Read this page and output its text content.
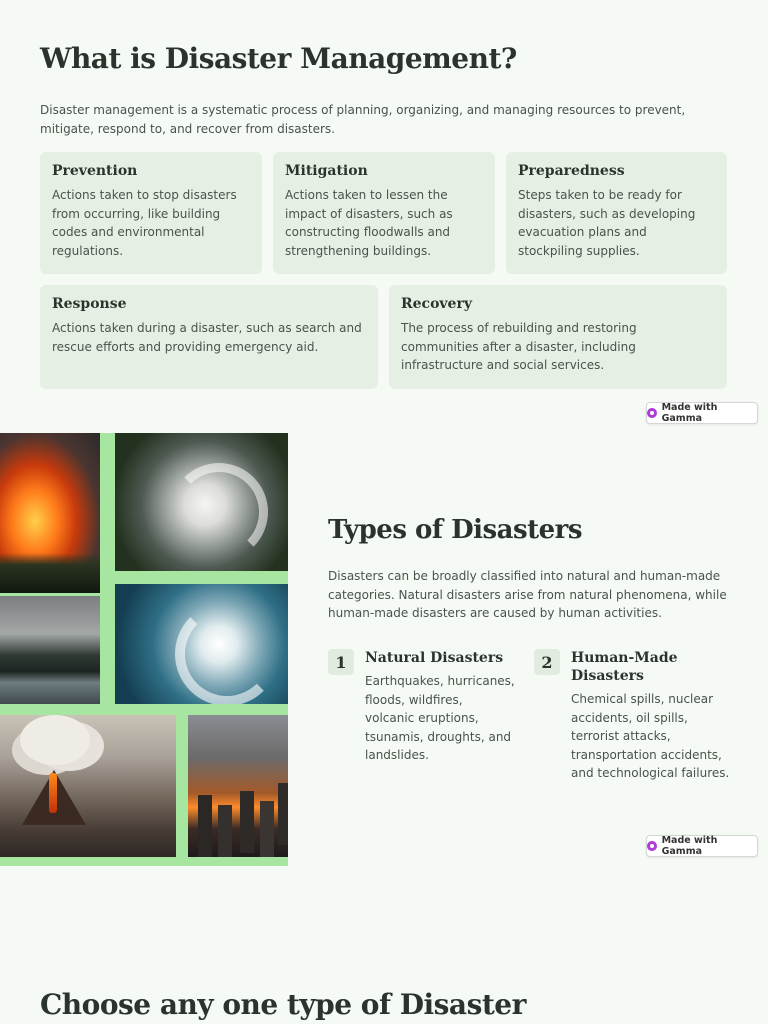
What is Disaster Management?

Disaster management is a systematic process of planning, organizing, and managing resources to prevent, mitigate, respond to, and recover from disasters.

Prevention

Actions taken to stop disasters from occurring, like building codes and environmental regulations.

Mitigation

Actions taken to lessen the impact of disasters, such as constructing floodwalls and strengthening buildings.

Preparedness

Steps taken to be ready for disasters, such as developing evacuation plans and stockpiling supplies.

Response

Actions taken during a disaster, such as search and rescue efforts and providing emergency aid.

Recovery

The process of rebuilding and restoring communities after a disaster, including infrastructure and social services.

Made with Gamma
Types of Disasters

Disasters can be broadly classified into natural and human-made categories. Natural disasters arise from natural phenomena, while human-made disasters are caused by human activities.

1	Natural Disasters

Earthquakes, hurricanes, floods, wildfires, volcanic eruptions, tsunamis, droughts, and landslides.

2	Human-Made Disasters

Chemical spills, nuclear accidents, oil spills, terrorist attacks, transportation accidents, and technological failures.

Made with Gamma
Choose any one type of Disaster
